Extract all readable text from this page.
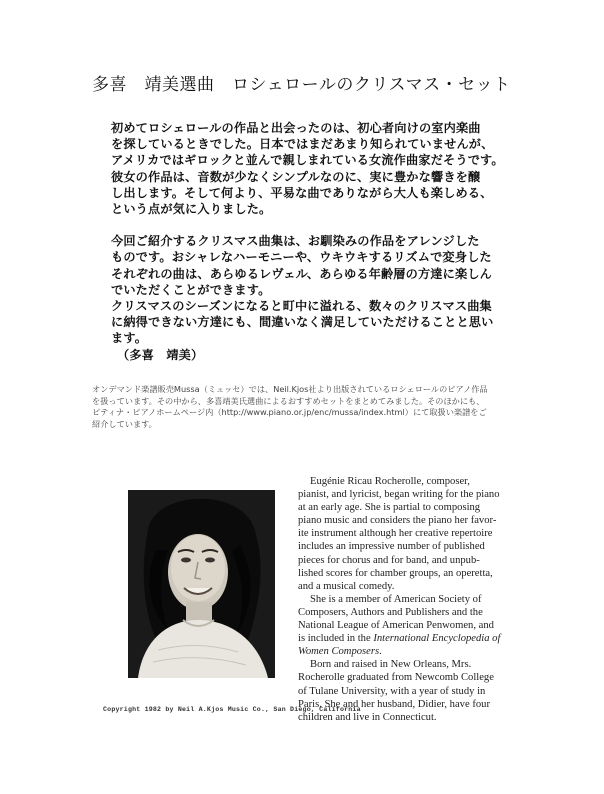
多喜　靖美選曲　ロシェロールのクリスマス・セット

初めてロシェロールの作品と出会ったのは、初心者向けの室内楽曲

を探しているときでした。日本ではまだあまり知られていませんが、

アメリカではギロックと並んで親しまれている女流作曲家だそうです。

彼女の作品は、音数が少なくシンプルなのに、実に豊かな響きを醸

し出します。そして何より、平易な曲でありながら大人も楽しめる、

という点が気に入りました。

今回ご紹介するクリスマス曲集は、お馴染みの作品をアレンジした

ものです。おシャレなハーモニーや、ウキウキするリズムで変身した

それぞれの曲は、あらゆるレヴェル、あらゆる年齢層の方達に楽しん

でいただくことができます。

クリスマスのシーズンになると町中に溢れる、数々のクリスマス曲集

に納得できない方達にも、間違いなく満足していただけることと思い

ます。

（多喜　靖美）

オンデマンド楽譜販売Mussa（ミュッセ）では、Neil.Kjos社より出版されているロシェロールのピアノ作品

を扱っています。その中から、多喜靖美氏選曲によるおすすめセットをまとめてみました。そのほかにも、

ピティナ・ピアノホームページ内（http://www.piano.or.jp/enc/mussa/index.html）にて取扱い楽譜をご

紹介しています。

Eugénie Ricau Rocherolle, composer,

pianist, and lyricist, began writing for the piano

at an early age. She is partial to composing

piano music and considers the piano her favor-

ite instrument although her creative repertoire

includes an impressive number of published

pieces for chorus and for band, and unpub-

lished scores for chamber groups, an operetta,

and a musical comedy.

She is a member of American Society of

Composers, Authors and Publishers and the

National League of American Penwomen, and

is included in the International Encyclopedia of

Women Composers.

Born and raised in New Orleans, Mrs.

Rocherolle graduated from Newcomb College

of Tulane University, with a year of study in

Paris. She and her husband, Didier, have four

children and live in Connecticut.

Copyright 1982 by Neil A.Kjos Music Co., San Diego, California
